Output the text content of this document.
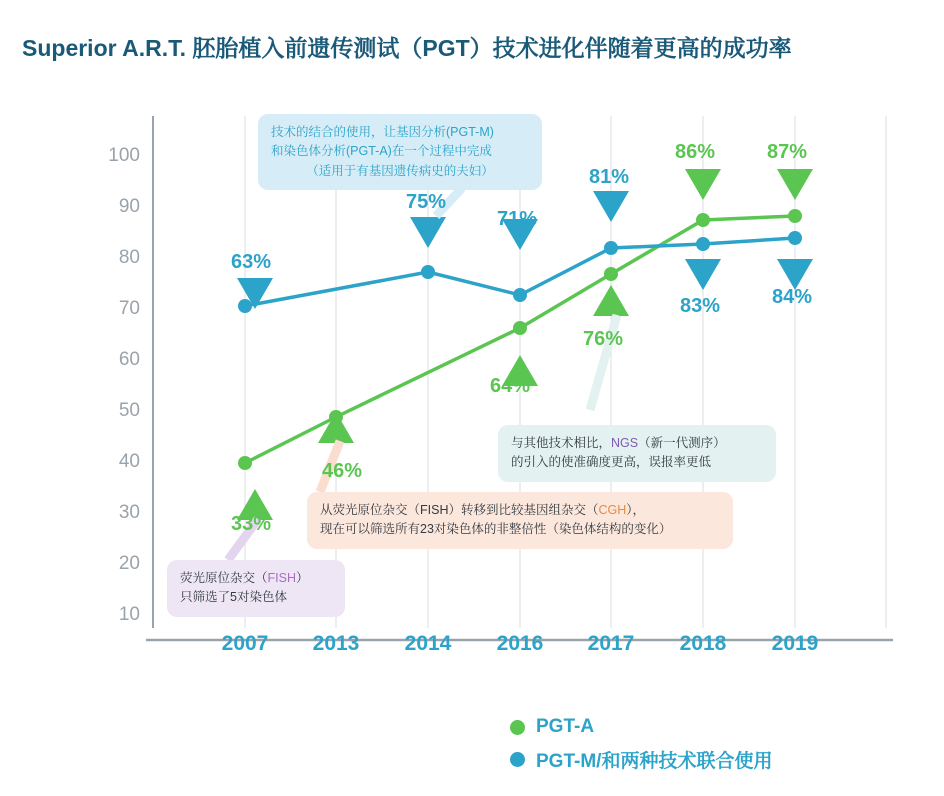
Superior A.R.T. 胚胎植入前遗传测试（PGT）技术进化伴随着更高的成功率
100
90
80
70
60
50
40
30
20
10
2007	2013	2014	2016	2017	2018	2019
33%
46%
64%
76%
86%	87%
63%
75%
71%
81%
83%	84%
技术的结合的使用，让基因分析(PGT-M)
和染色体分析(PGT-A)在一个过程中完成
（适用于有基因遗传病史的夫妇）
与其他技术相比，NGS（新一代测序）
的引入的使准确度更高，误报率更低
从荧光原位杂交（FISH）转移到比较基因组杂交（CGH），
现在可以筛选所有23对染色体的非整倍性（染色体结构的变化）
荧光原位杂交（FISH）
只筛选了5对染色体
PGT-A
PGT-M/和两种技术联合使用
